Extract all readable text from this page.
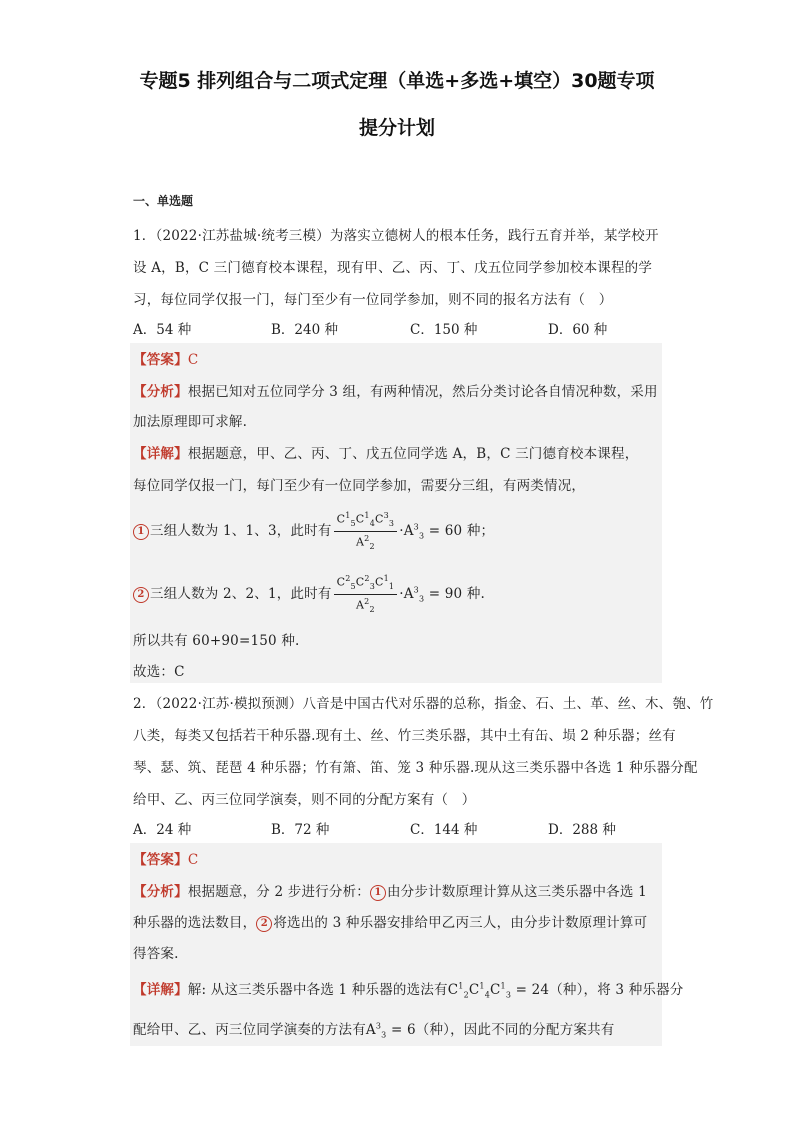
专题5 排列组合与二项式定理（单选+多选+填空）30题专项
提分计划
一、单选题
1．（2022·江苏盐城·统考三模）为落实立德树人的根本任务，践行五育并举，某学校开
设 A，B，C 三门德育校本课程，现有甲、乙、丙、丁、戊五位同学参加校本课程的学
习，每位同学仅报一门，每门至少有一位同学参加，则不同的报名方法有（　）
A．54 种	B．240 种	C．150 种	D．60 种
【答案】C
【分析】根据已知对五位同学分 3 组，有两种情况，然后分类讨论各自情况种数，采用
加法原理即可求解.
【详解】根据题意，甲、乙、丙、丁、戊五位同学选 A，B，C 三门德育校本课程，
每位同学仅报一门，每门至少有一位同学参加，需要分三组，有两类情况，
1 三组人数为 1、1、3，此时有 $\frac{C^1_5C^1_4C^3_3}{A^2_2} \cdot A^3_3 = 60$ 种；
2 三组人数为 2、2、1，此时有 $\frac{C^2_5C^2_3C^1_1}{A^2_2} \cdot A^3_3 = 90$ 种.
所以共有 60+90=150 种.
故选：C
2．（2022·江苏·模拟预测）八音是中国古代对乐器的总称，指金、石、土、革、丝、木、匏、竹
八类，每类又包括若干种乐器.现有土、丝、竹三类乐器，其中土有缶、埙 2 种乐器；丝有
琴、瑟、筑、琵琶 4 种乐器；竹有箫、笛、笼 3 种乐器.现从这三类乐器中各选 1 种乐器分配
给甲、乙、丙三位同学演奏，则不同的分配方案有（　）
A．24 种	B．72 种	C．144 种	D．288 种
【答案】C
【分析】根据题意，分 2 步进行分析： 1 由分步计数原理计算从这三类乐器中各选 1
种乐器的选法数目， 2 将选出的 3 种乐器安排给甲乙丙三人，由分步计数原理计算可
得答案.
【详解】解: 从这三类乐器中各选 1 种乐器的选法有$C^1_2C^1_4C^1_3 = 24$（种），将 3 种乐器分
配给甲、乙、丙三位同学演奏的方法有$A^3_3 = 6$（种），因此不同的分配方案共有
